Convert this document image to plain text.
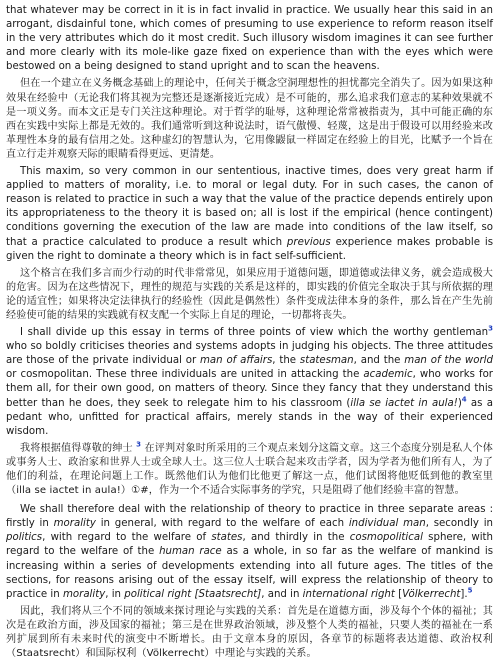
that whatever may be correct in it is in fact invalid in practice. We usually hear this said in an arrogant, disdainful tone, which comes of presuming to use experience to reform reason itself in the very attributes which do it most credit. Such illusory wisdom imagines it can see further and more clearly with its mole-like gaze fixed on experience than with the eyes which were bestowed on a being designed to stand upright and to scan the heavens.

但在一个建立在义务概念基础上的理论中，任何关于概念空洞理想性的担忧都完全消失了。因为如果这种效果在经验中（无论我们将其视为完整还是逐渐接近完成）是不可能的，那么追求我们意志的某种效果就不是一项义务。而本文正是专门关注这种理论。对于哲学的耻辱，这种理论常常被指责为，其中可能正确的东西在实践中实际上都是无效的。我们通常听到这种说法时，语气傲慢、轻蔑，这是出于假设可以用经验来改革理性本身的最有信用之处。这种虚幻的智慧认为，它用像鼹鼠一样固定在经验上的目光，比赋予一个旨在直立行走并观察天际的眼睛看得更远、更清楚。

This maxim, so very common in our sententious, inactive times, does very great harm if applied to matters of morality, i.e. to moral or legal duty. For in such cases, the canon of reason is related to practice in such a way that the value of the practice depends entirely upon its appropriateness to the theory it is based on; all is lost if the empirical (hence contingent) conditions governing the execution of the law are made into conditions of the law itself, so that a practice calculated to produce a result which previous experience makes probable is given the right to dominate a theory which is in fact self-sufficient.

这个格言在我们多言而少行动的时代非常常见，如果应用于道德问题，即道德或法律义务，就会造成极大的危害。因为在这些情况下，理性的规范与实践的关系是这样的，即实践的价值完全取决于其与所依据的理论的适宜性；如果将决定法律执行的经验性（因此是偶然性）条件变成法律本身的条件，那么旨在产生先前经验使可能的结果的实践就有权支配一个实际上自足的理论，一切都将丧失。

I shall divide up this essay in terms of three points of view which the worthy gentleman$^3$ who so boldly criticises theories and systems adopts in judging his objects. The three attitudes are those of the private individual or man of affairs, the statesman, and the man of the world or cosmopolitan. These three individuals are united in attacking the academic, who works for them all, for their own good, on matters of theory. Since they fancy that they understand this better than he does, they seek to relegate him to his classroom (illa se iactet in aula!)$^4$ as a pedant who, unfitted for practical affairs, merely stands in the way of their experienced wisdom.

我将根据值得尊敬的绅士 $^3$ 在评判对象时所采用的三个观点来划分这篇文章。这三个态度分别是私人个体或事务人士、政治家和世界人士或全球人士。这三位人士联合起来攻击学者，因为学者为他们所有人，为了他们的利益，在理论问题上工作。既然他们认为他们比他更了解这一点，他们试图将他贬低到他的教室里（illa se iactet in aula!）①#，作为一个不适合实际事务的学究，只是阻碍了他们经验丰富的智慧。

We shall therefore deal with the relationship of theory to practice in three separate areas : firstly in morality in general, with regard to the welfare of each individual man, secondly in politics, with regard to the welfare of states, and thirdly in the cosmopolitical sphere, with regard to the welfare of the human race as a whole, in so far as the welfare of mankind is increasing within a series of developments extending into all future ages. The titles of the sections, for reasons arising out of the essay itself, will express the relationship of theory to practice in morality, in political right [Staatsrecht], and in international right [Völkerrecht].$^5$

因此，我们将从三个不同的领域来探讨理论与实践的关系：首先是在道德方面，涉及每个个体的福祉；其次是在政治方面，涉及国家的福祉；第三是在世界政治领域，涉及整个人类的福祉，只要人类的福祉在一系列扩展到所有未来时代的演变中不断增长。由于文章本身的原因，各章节的标题将表达道德、政治权利（Staatsrecht）和国际权利（Völkerrecht）中理论与实践的关系。
